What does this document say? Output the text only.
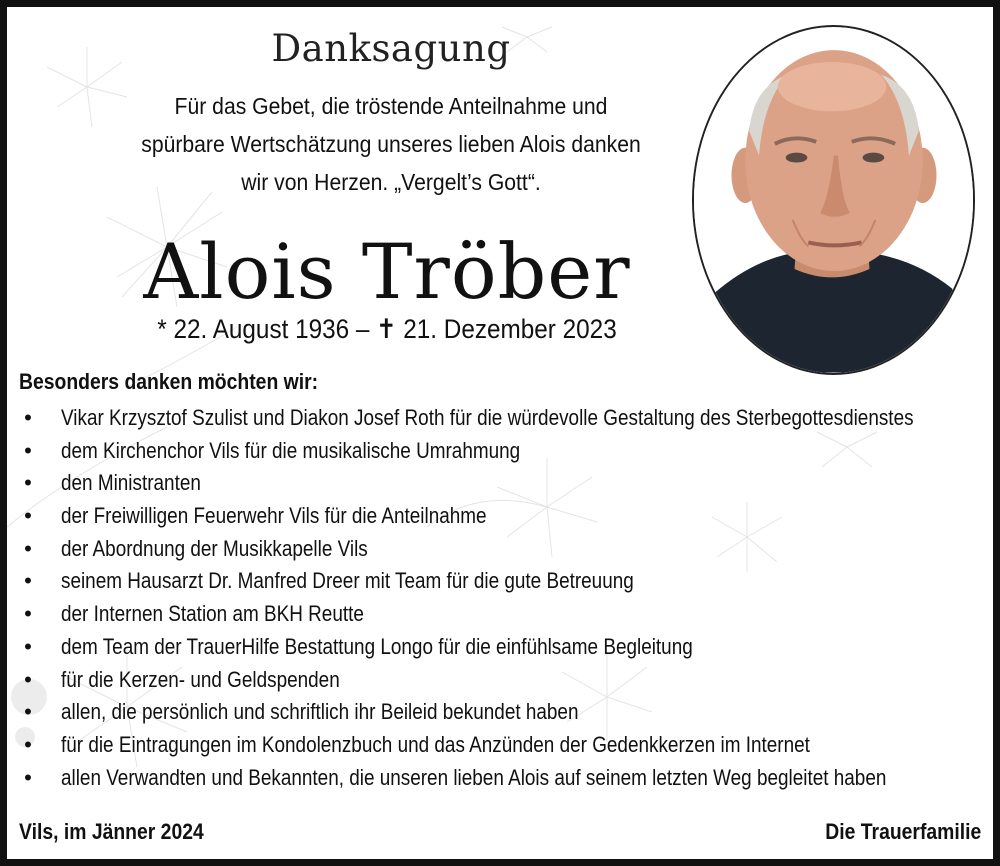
Danksagung
Für das Gebet, die tröstende Anteilnahme und
spürbare Wertschätzung unseres lieben Alois danken
wir von Herzen. „Vergelt’s Gott“.
Alois Tröber
* 22. August 1936 – ✝ 21. Dezember 2023
Besonders danken möchten wir:
• Vikar Krzysztof Szulist und Diakon Josef Roth für die würdevolle Gestaltung des Sterbegottesdienstes
• dem Kirchenchor Vils für die musikalische Umrahmung
• den Ministranten
• der Freiwilligen Feuerwehr Vils für die Anteilnahme
• der Abordnung der Musikkapelle Vils
• seinem Hausarzt Dr. Manfred Dreer mit Team für die gute Betreuung
• der Internen Station am BKH Reutte
• dem Team der TrauerHilfe Bestattung Longo für die einfühlsame Begleitung
• für die Kerzen- und Geldspenden
• allen, die persönlich und schriftlich ihr Beileid bekundet haben
• für die Eintragungen im Kondolenzbuch und das Anzünden der Gedenkkerzen im Internet
• allen Verwandten und Bekannten, die unseren lieben Alois auf seinem letzten Weg begleitet haben
Vils, im Jänner 2024	Die Trauerfamilie
